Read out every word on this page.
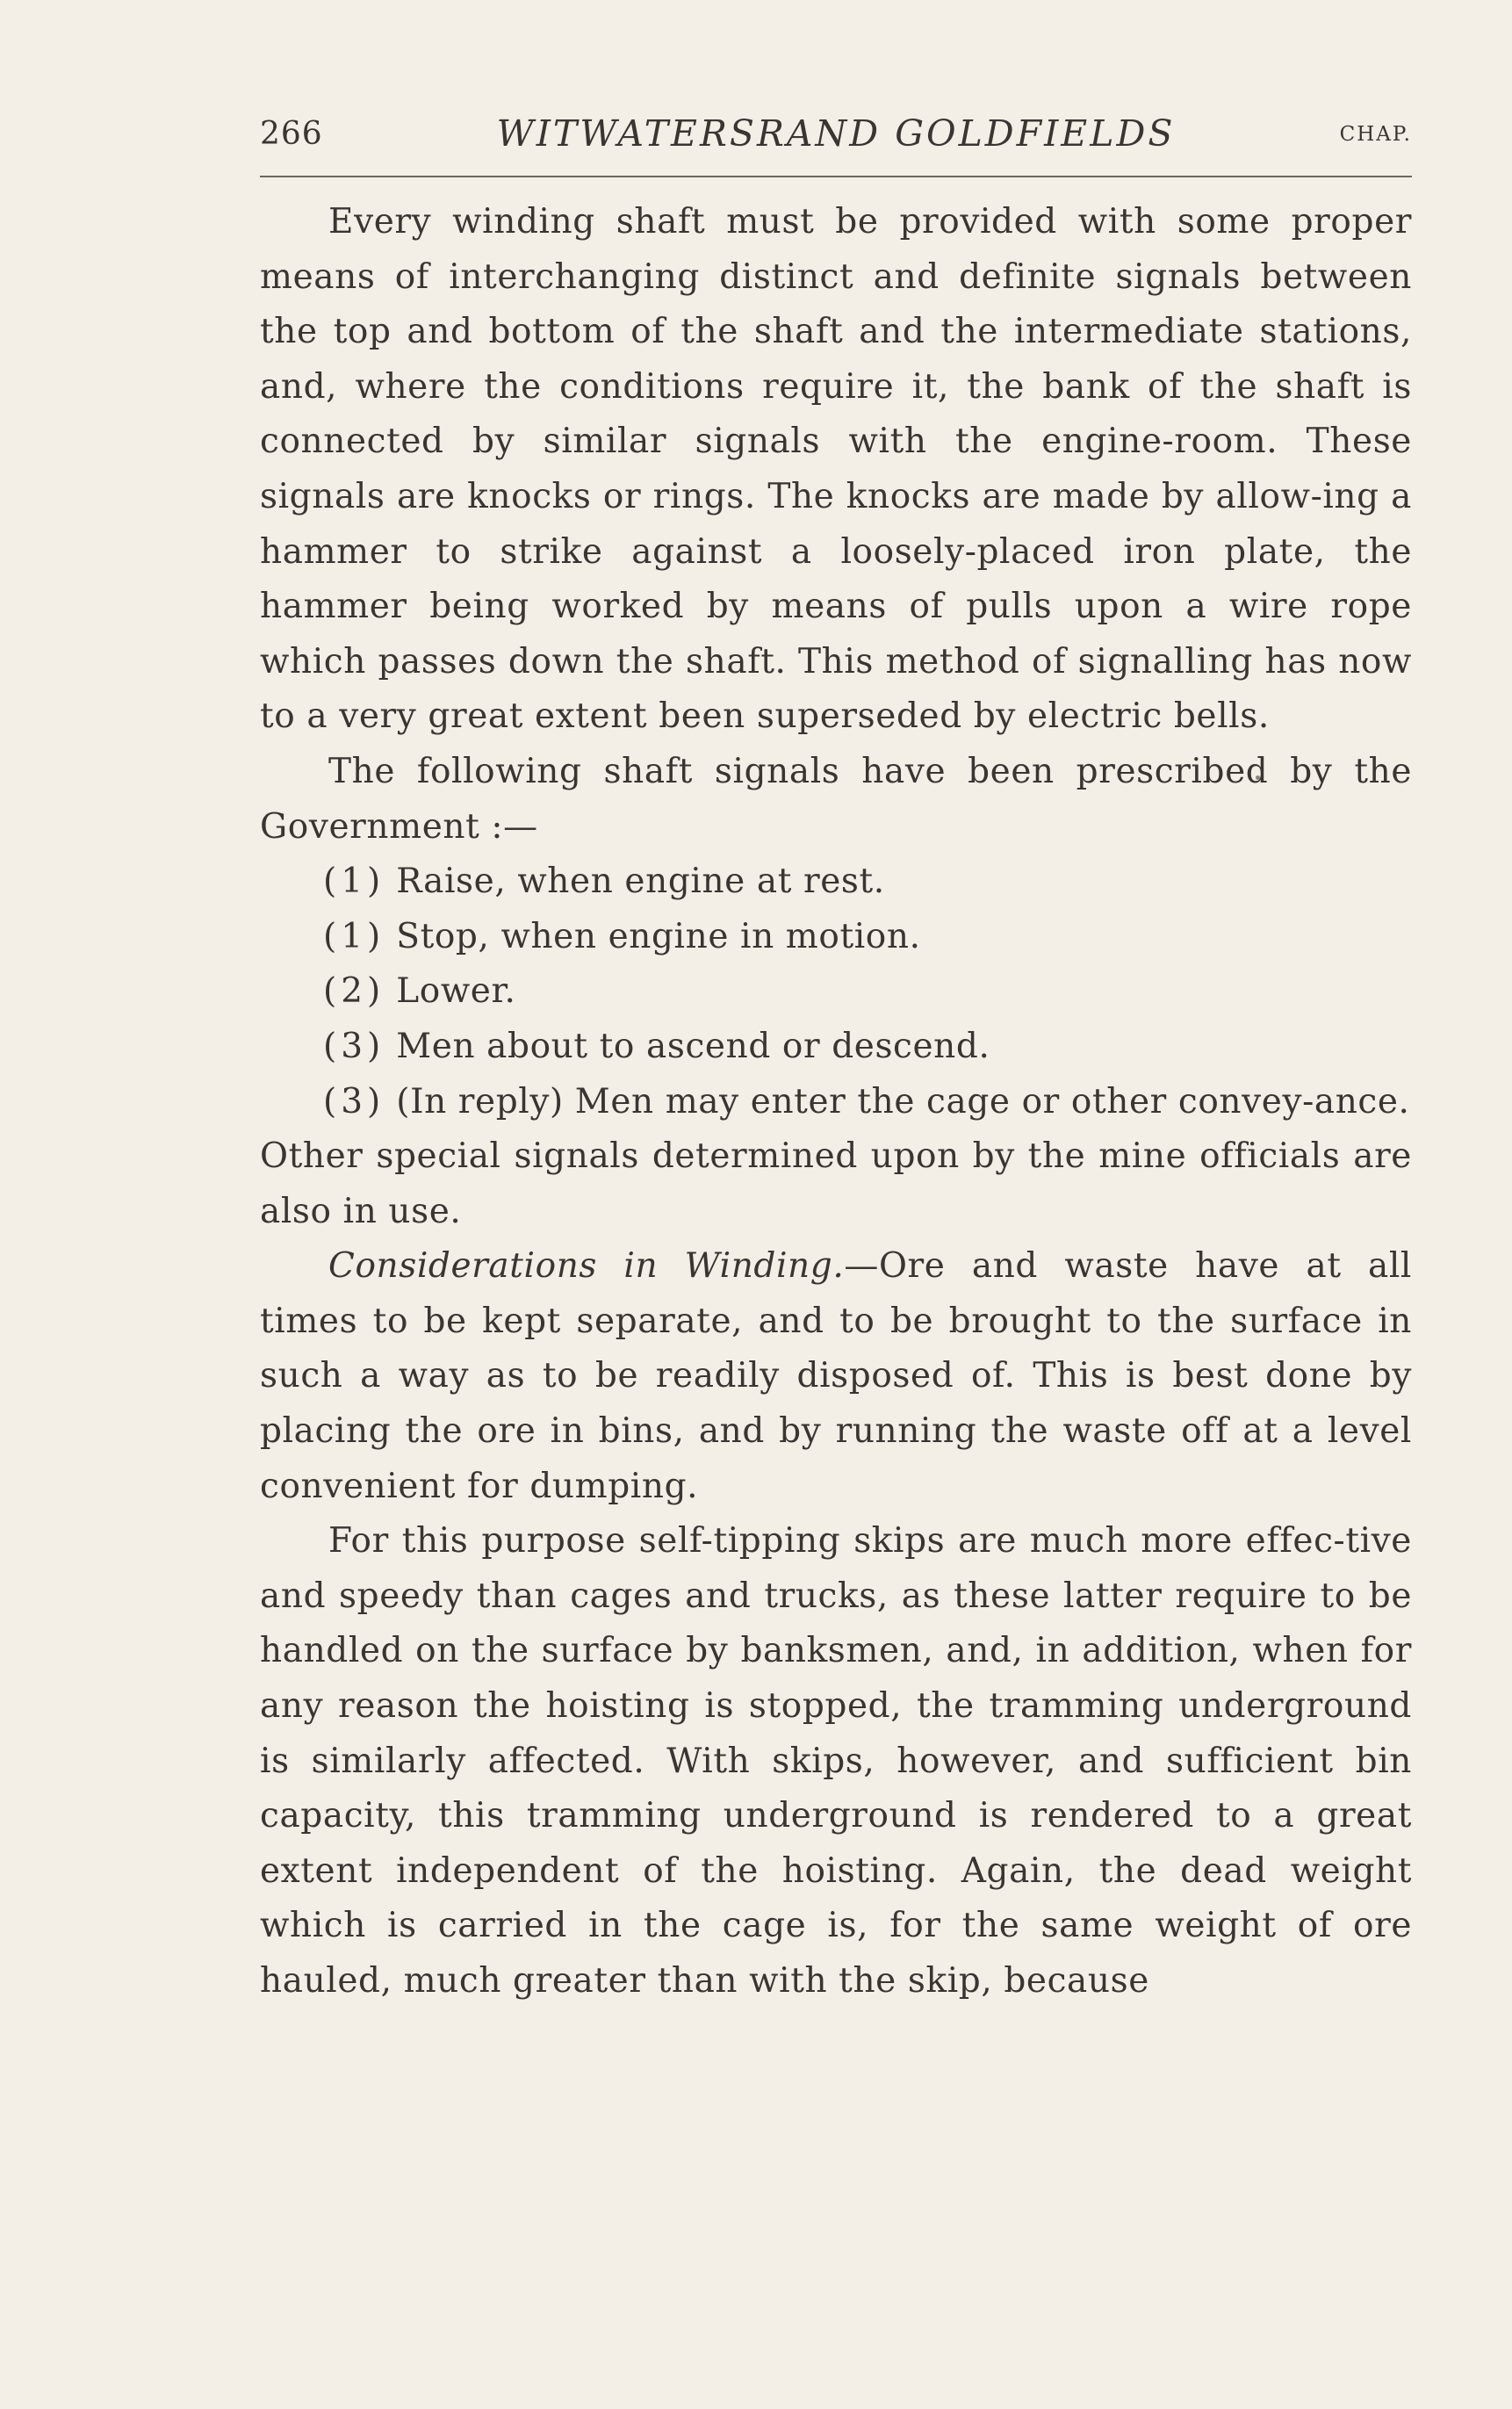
266	WITWATERSRAND GOLDFIELDS	CHAP.

Every winding shaft must be provided with some proper means of interchanging distinct and definite signals between the top and bottom of the shaft and the intermediate stations, and, where the conditions require it, the bank of the shaft is connected by similar signals with the engine-room. These signals are knocks or rings. The knocks are made by allow-ing a hammer to strike against a loosely-placed iron plate, the hammer being worked by means of pulls upon a wire rope which passes down the shaft. This method of signalling has now to a very great extent been superseded by electric bells.

The following shaft signals have been prescribed by the Government :—

(1) Raise, when engine at rest.

(1) Stop, when engine in motion.

(2) Lower.

(3) Men about to ascend or descend.

(3) (In reply) Men may enter the cage or other convey-ance.

Other special signals determined upon by the mine officials are also in use.

Considerations in Winding.—Ore and waste have at all times to be kept separate, and to be brought to the surface in such a way as to be readily disposed of. This is best done by placing the ore in bins, and by running the waste off at a level convenient for dumping.

For this purpose self-tipping skips are much more effec-tive and speedy than cages and trucks, as these latter require to be handled on the surface by banksmen, and, in addition, when for any reason the hoisting is stopped, the tramming underground is similarly affected. With skips, however, and sufficient bin capacity, this tramming underground is rendered to a great extent independent of the hoisting. Again, the dead weight which is carried in the cage is, for the same weight of ore hauled, much greater than with the skip, because
